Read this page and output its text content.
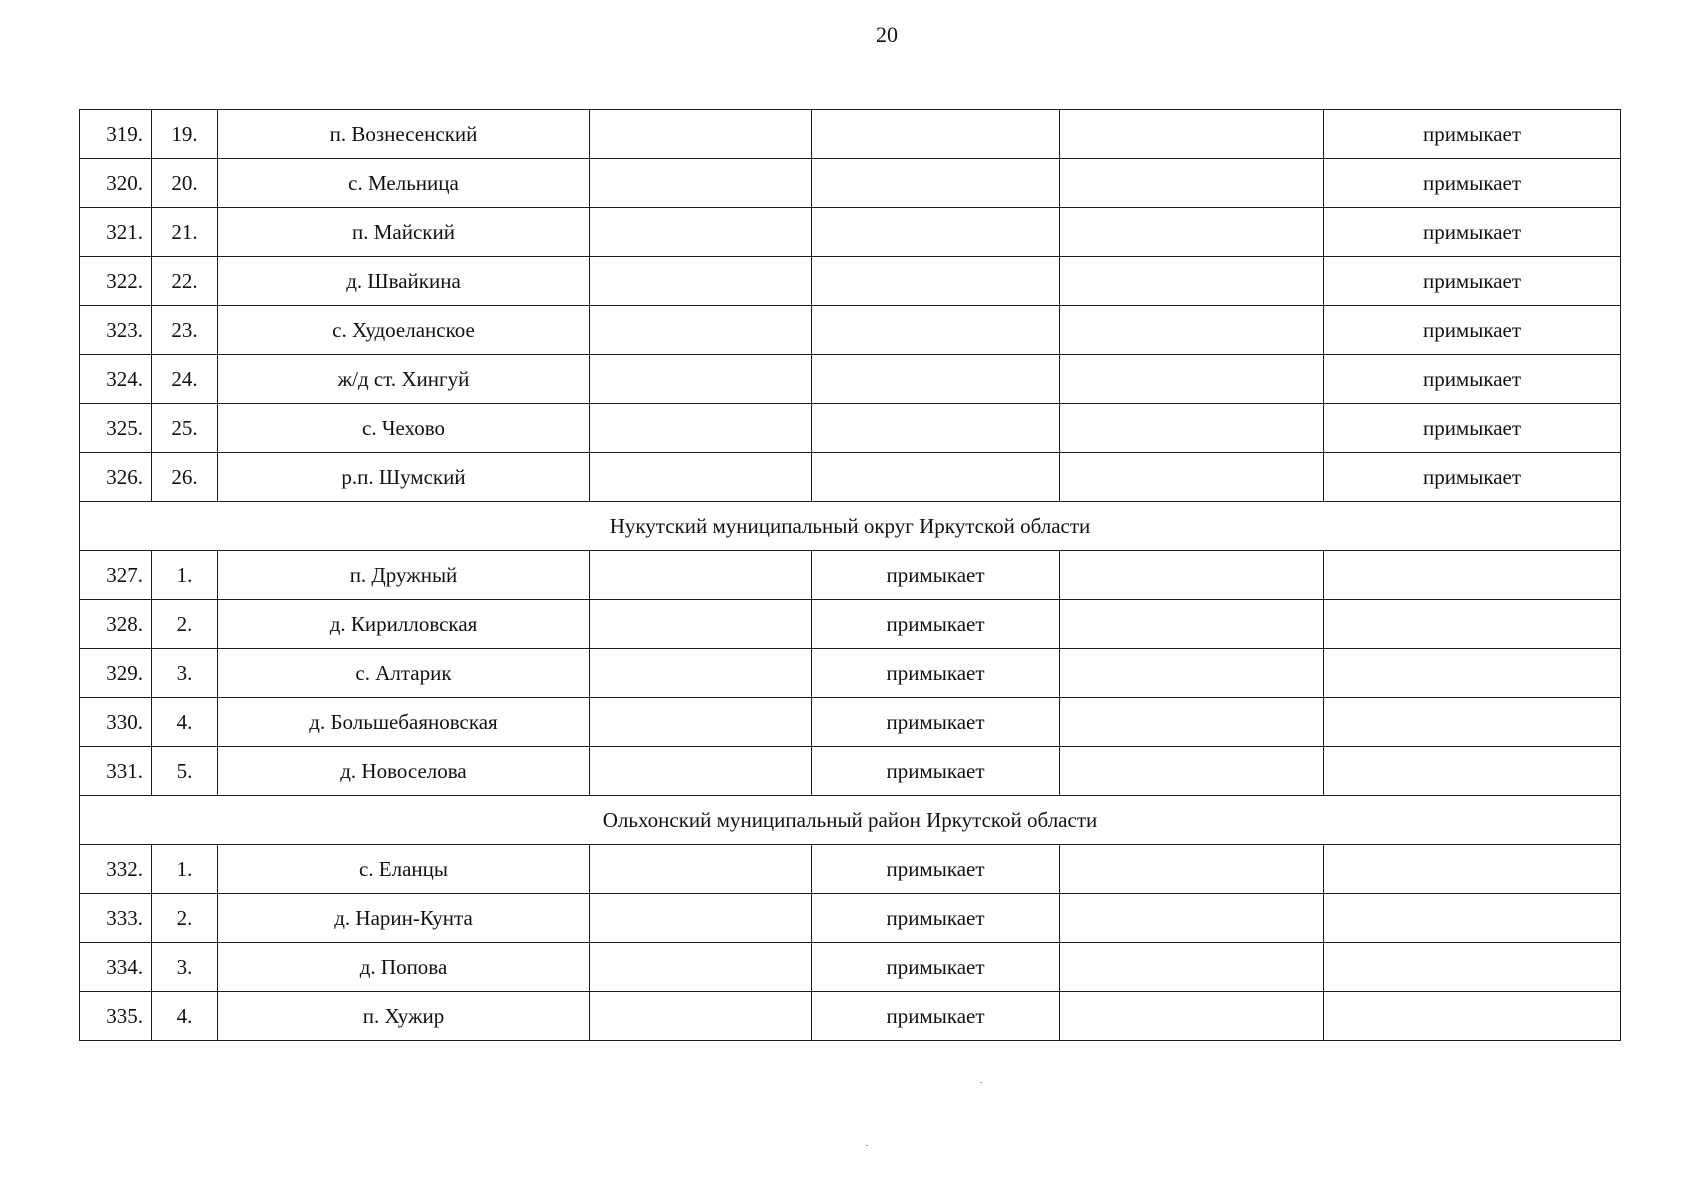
20
319.	19.	п. Вознесенский				примыкает
320.	20.	с. Мельница				примыкает
321.	21.	п. Майский				примыкает
322.	22.	д. Швайкина				примыкает
323.	23.	с. Худоеланское				примыкает
324.	24.	ж/д ст. Хингуй				примыкает
325.	25.	с. Чехово				примыкает
326.	26.	р.п. Шумский				примыкает
Нукутский муниципальный округ Иркутской области						
327.	1.	п. Дружный		примыкает		
328.	2.	д. Кирилловская		примыкает		
329.	3.	с. Алтарик		примыкает		
330.	4.	д. Большебаяновская		примыкает		
331.	5.	д. Новоселова		примыкает		
Ольхонский муниципальный район Иркутской области						
332.	1.	с. Еланцы		примыкает		
333.	2.	д. Нарин-Кунта		примыкает		
334.	3.	д. Попова		примыкает		
335.	4.	п. Хужир		примыкает		
